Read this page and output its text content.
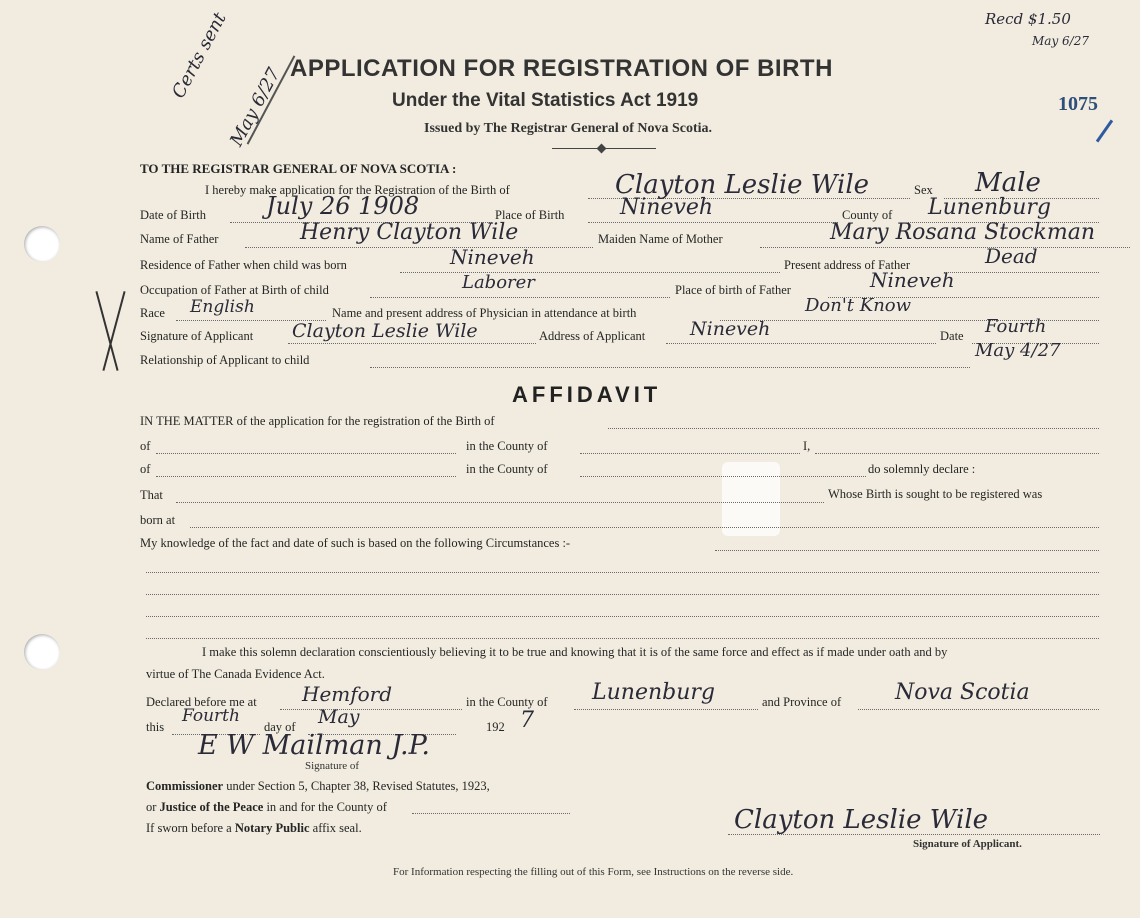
Recd $1.50
May 6/27
Certs sent
May 6/27 APPLICATION FOR REGISTRATION OF BIRTH
Under the Vital Statistics Act 1919
Issued by The Registrar General of Nova Scotia.
1075
TO THE REGISTRAR GENERAL OF NOVA SCOTIA :
I hereby make application for the Registration of the Birth of	Clayton Leslie Wile	Sex Male
Date of Birth	July 26 1908	Place of Birth	Nineveh	County of Lunenburg
Name of Father	Henry Clayton Wile	Maiden Name of Mother	Mary Rosana Stockman
Residence of Father when child was born	Nineveh	Present address of Father	Dead
Occupation of Father at Birth of child	Laborer	Place of birth of Father	Nineveh
Race English	Name and present address of Physician in attendance at birth	Don't Know
Signature of Applicant Clayton Leslie Wile	Address of Applicant Nineveh	Date Fourth
May 4/27
Relationship of Applicant to child
AFFIDAVIT
IN THE MATTER of the application for the registration of the Birth of
of	in the County of	I,
of	in the County of	do solemnly declare :
That	Whose Birth is sought to be registered was
born at
My knowledge of the fact and date of such is based on the following Circumstances :-
I make this solemn declaration conscientiously believing it to be true and knowing that it is of the same force and effect as if made under oath and by
virtue of The Canada Evidence Act.
Declared before me at Hemford	in the County of Lunenburg	and Province of Nova Scotia
this
Fourth
day of May	192 7
E W Mailman J.P.
Signature of
Commissioner under Section 5, Chapter 38, Revised Statutes, 1923,
or Justice of the Peace in and for the County of
If sworn before a Notary Public affix seal.	Clayton Leslie Wile
Signature of Applicant.
For Information respecting the filling out of this Form, see Instructions on the reverse side.
